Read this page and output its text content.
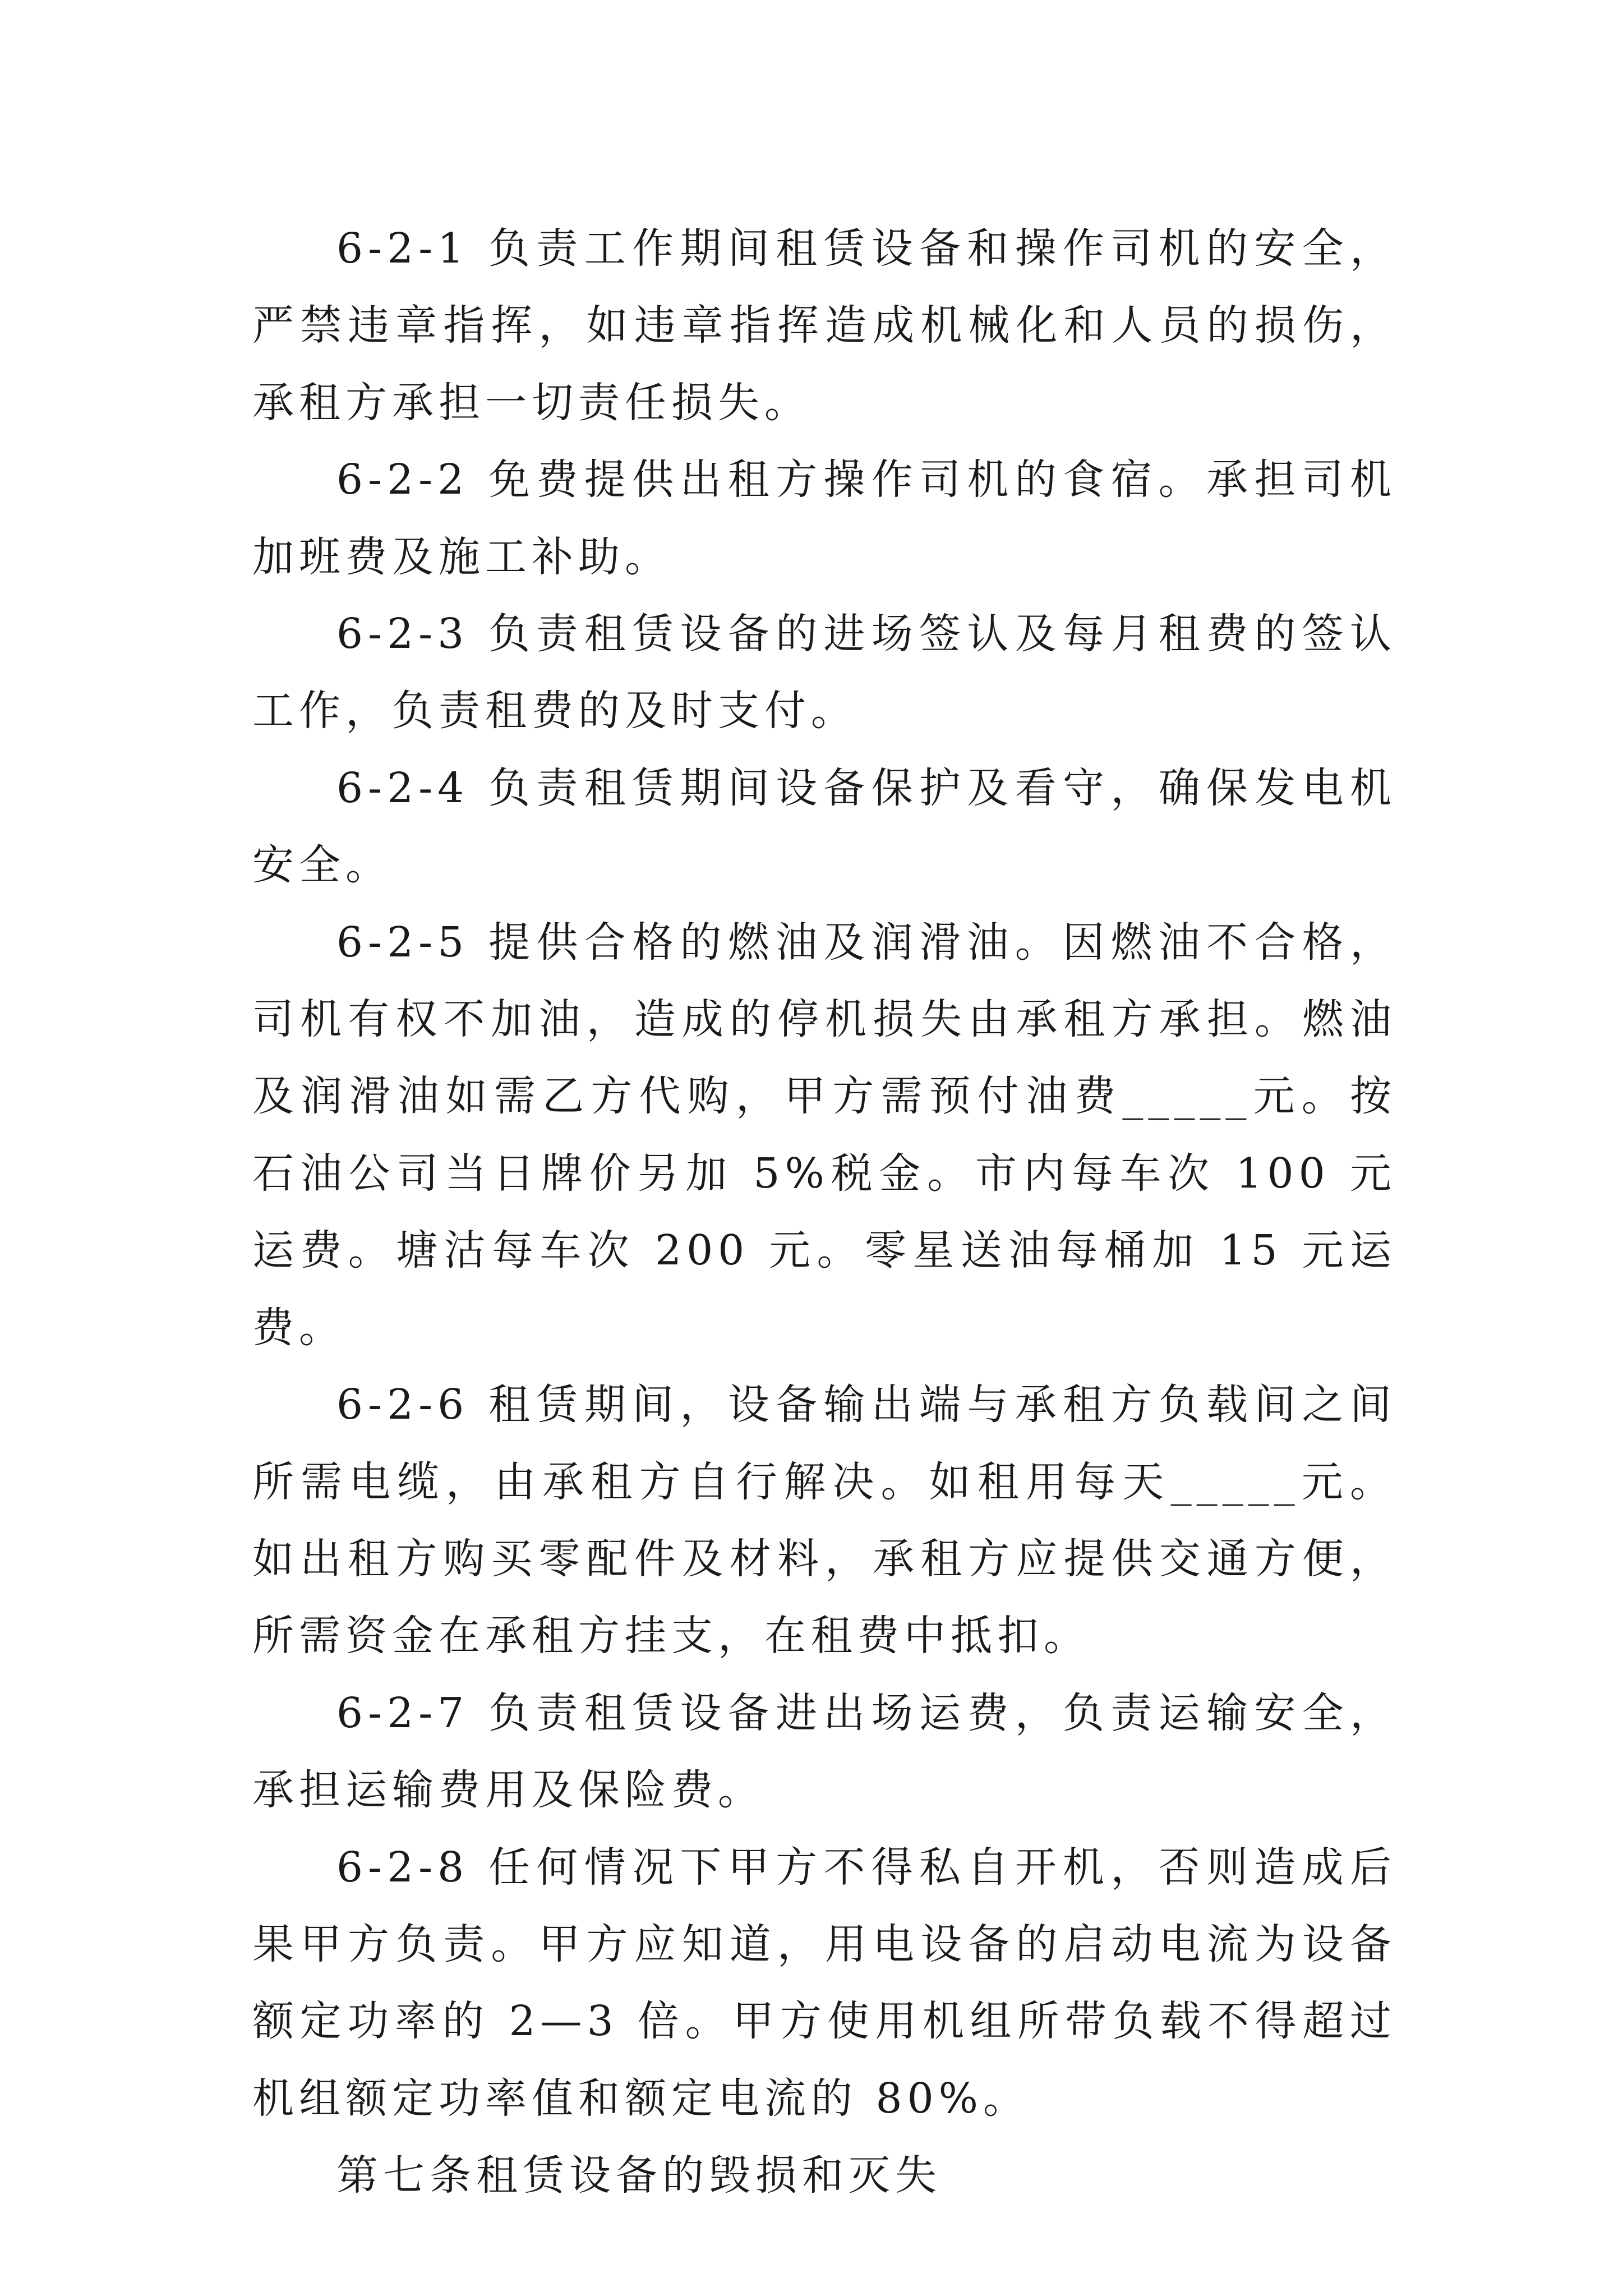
6-2-1 负责工作期间租赁设备和操作司机的安全，严禁违章指挥，如违章指挥造成机械化和人员的损伤，承租方承担一切责任损失。

6-2-2 免费提供出租方操作司机的食宿。承担司机加班费及施工补助。

6-2-3 负责租赁设备的进场签认及每月租费的签认工作，负责租费的及时支付。

6-2-4 负责租赁期间设备保护及看守，确保发电机安全。

6-2-5 提供合格的燃油及润滑油。因燃油不合格，司机有权不加油，造成的停机损失由承租方承担。燃油及润滑油如需乙方代购，甲方需预付油费_____元。按石油公司当日牌价另加 5%税金。市内每车次 100 元运费。塘沽每车次 200 元。零星送油每桶加 15 元运费。

6-2-6 租赁期间，设备输出端与承租方负载间之间所需电缆，由承租方自行解决。如租用每天_____元。如出租方购买零配件及材料，承租方应提供交通方便，所需资金在承租方挂支，在租费中抵扣。

6-2-7 负责租赁设备进出场运费，负责运输安全，承担运输费用及保险费。

6-2-8 任何情况下甲方不得私自开机，否则造成后果甲方负责。甲方应知道，用电设备的启动电流为设备额定功率的 2—3 倍。甲方使用机组所带负载不得超过机组额定功率值和额定电流的 80%。

第七条租赁设备的毁损和灭失
